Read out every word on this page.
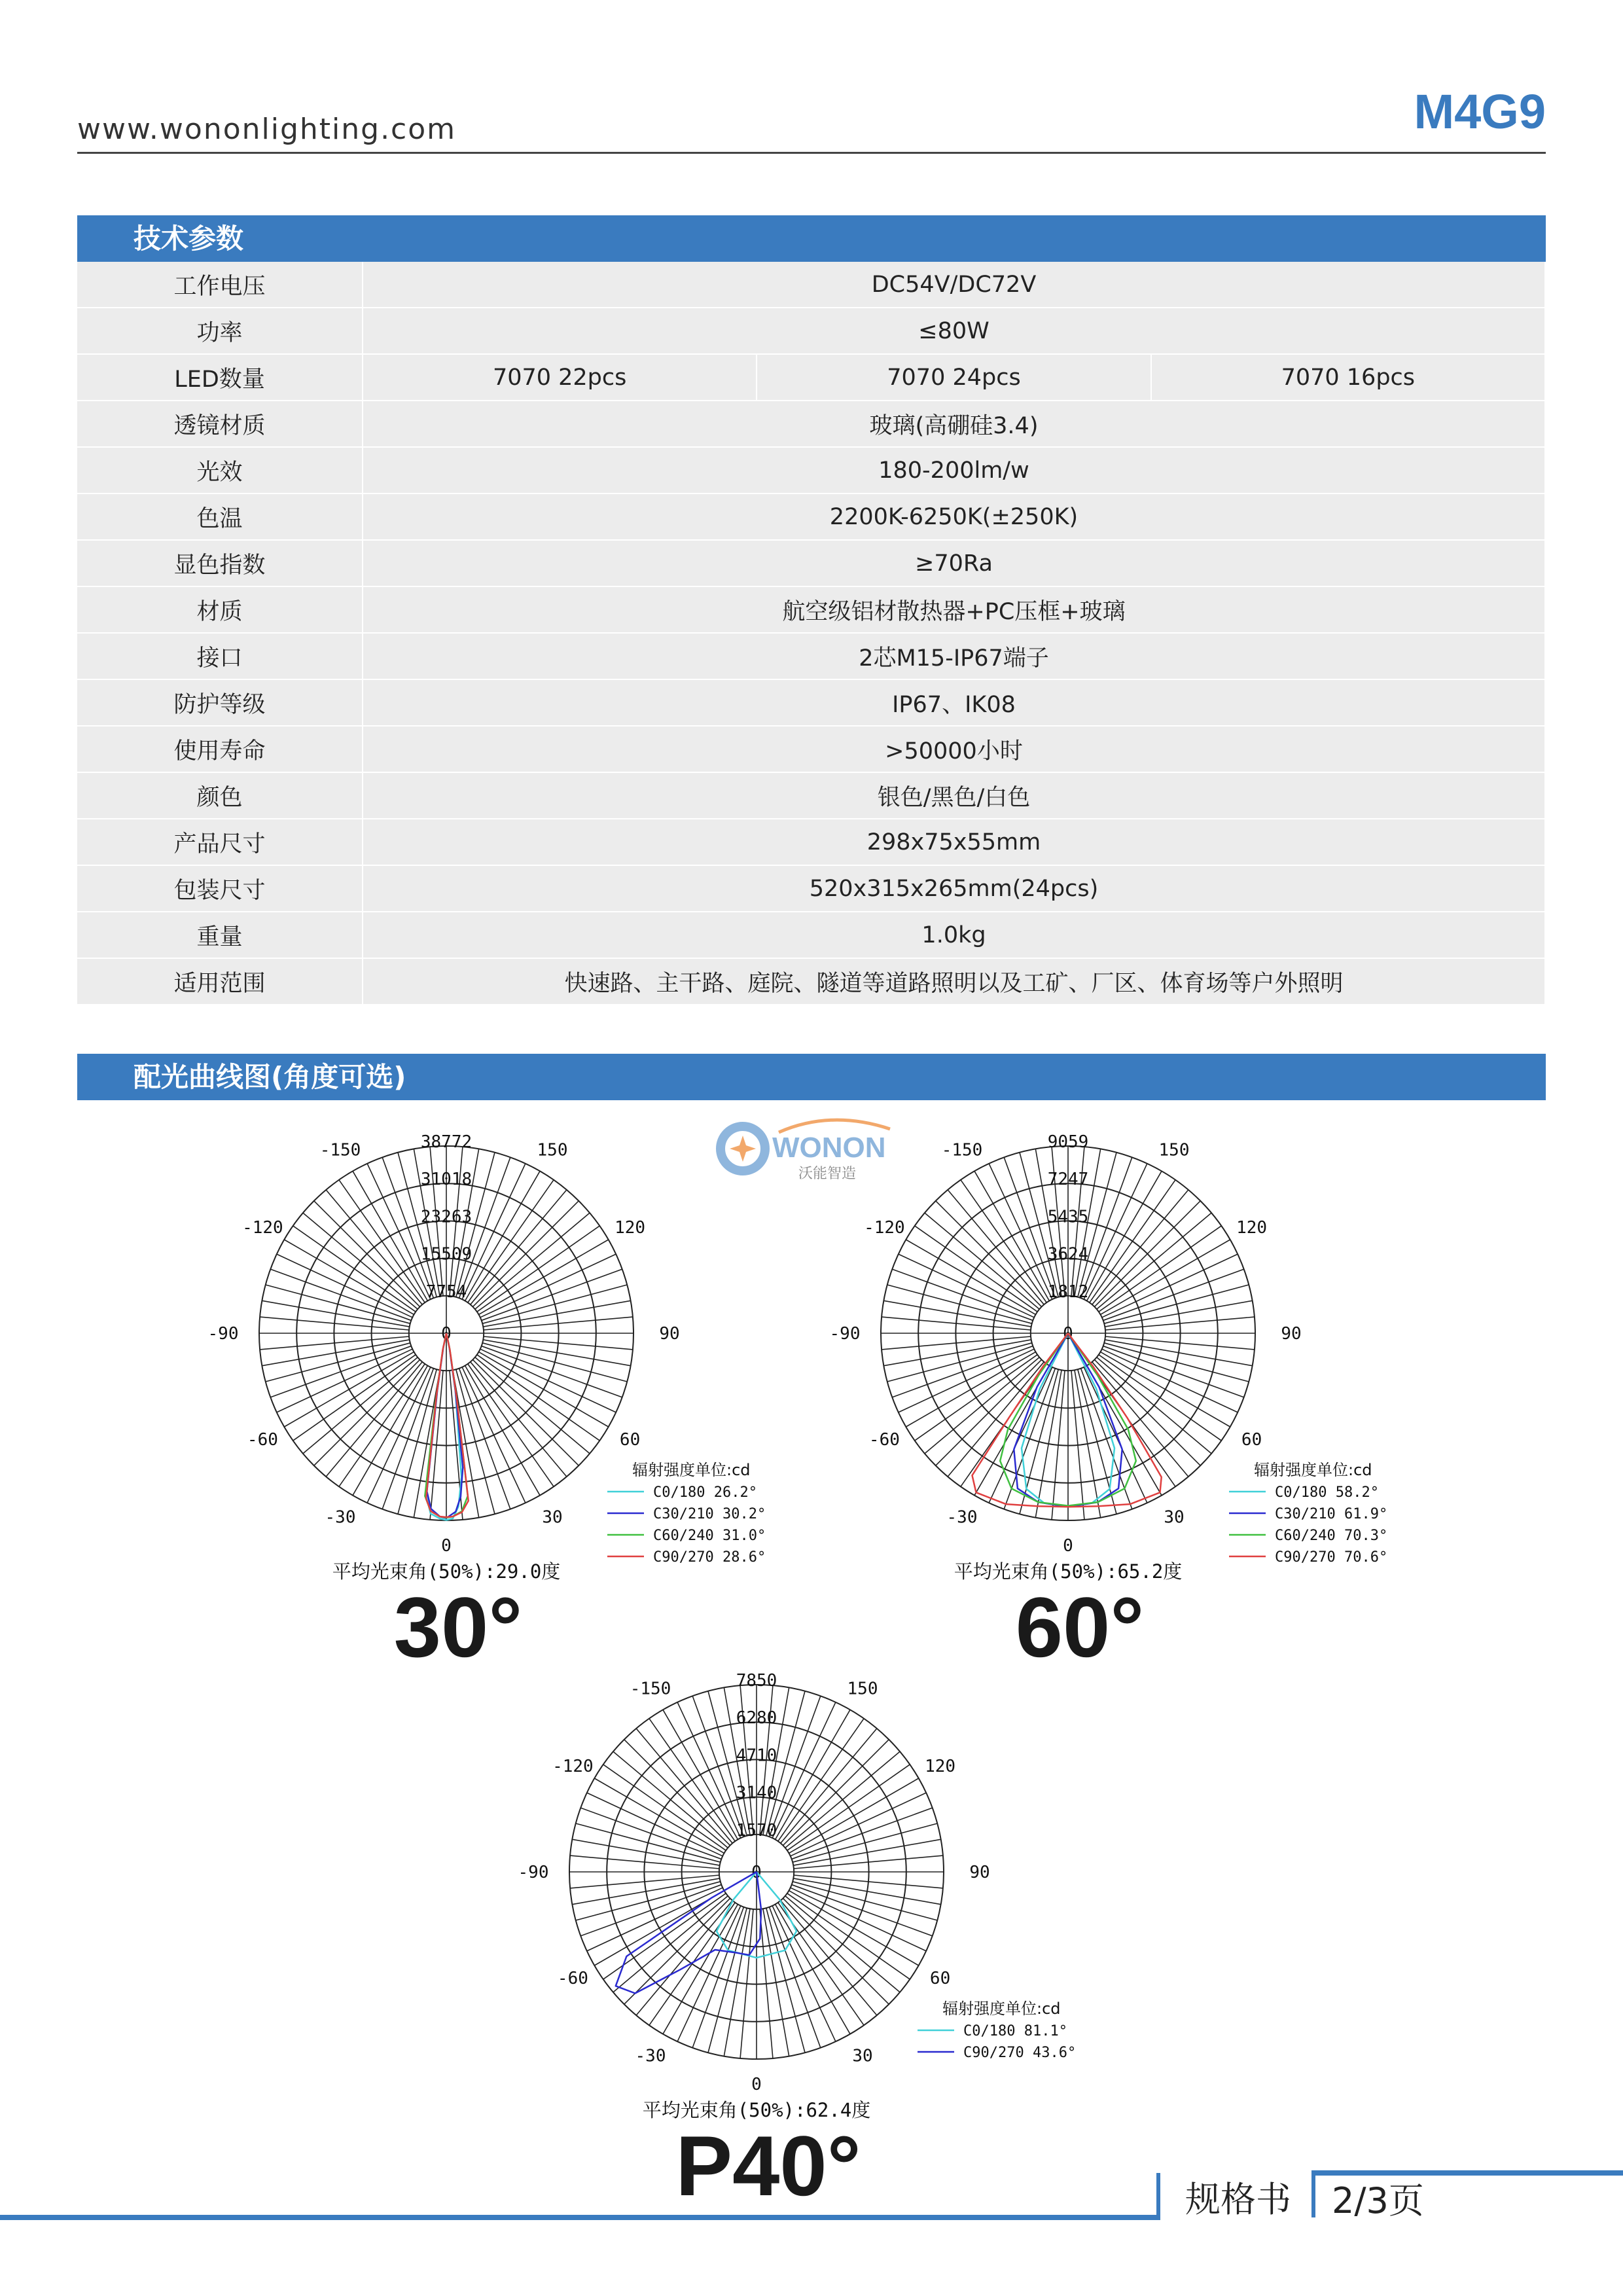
www.wononlighting.com	M4G9
技术参数
工作电压	DC54V/DC72V
功率	≤80W
LED数量	7070 22pcs	7070 24pcs	7070 16pcs
透镜材质	玻璃(高硼硅3.4)
光效	180-200lm/w
色温	2200K-6250K(±250K)
显色指数	≥70Ra
材质	航空级铝材散热器+PC压框+玻璃
接口	2芯M15-IP67端子
防护等级	IP67、IK08
使用寿命	>50000小时
颜色	银色/黑色/白色
产品尺寸	298x75x55mm
包装尺寸	520x315x265mm(24pcs)
重量	1.0kg
适用范围	快速路、主干路、庭院、隧道等道路照明以及工矿、厂区、体育场等户外照明
配光曲线图(角度可选)
WONON
沃能智造
7754
15509
23263
31018
38772
0
-150	150
-120	120
-90	90
-60	60
-30	30
0
辐射强度单位:cd
C0/180 26.2°
C30/210 30.2°
C60/240 31.0°
C90/270 28.6°
平均光束角(50%):29.0度
30°
1812
3624
5435
7247
9059
0
-150	150
-120	120
-90	90
-60	60
-30	30
0
辐射强度单位:cd
C0/180 58.2°
C30/210 61.9°
C60/240 70.3°
C90/270 70.6°
平均光束角(50%):65.2度
60°
1570
3140
4710
6280
7850
0
-150	150
-120	120
-90	90
-60	60
-30	30
0
辐射强度单位:cd
C0/180 81.1°
C90/270 43.6°
平均光束角(50%):62.4度
P40°	规格书 2/3页
